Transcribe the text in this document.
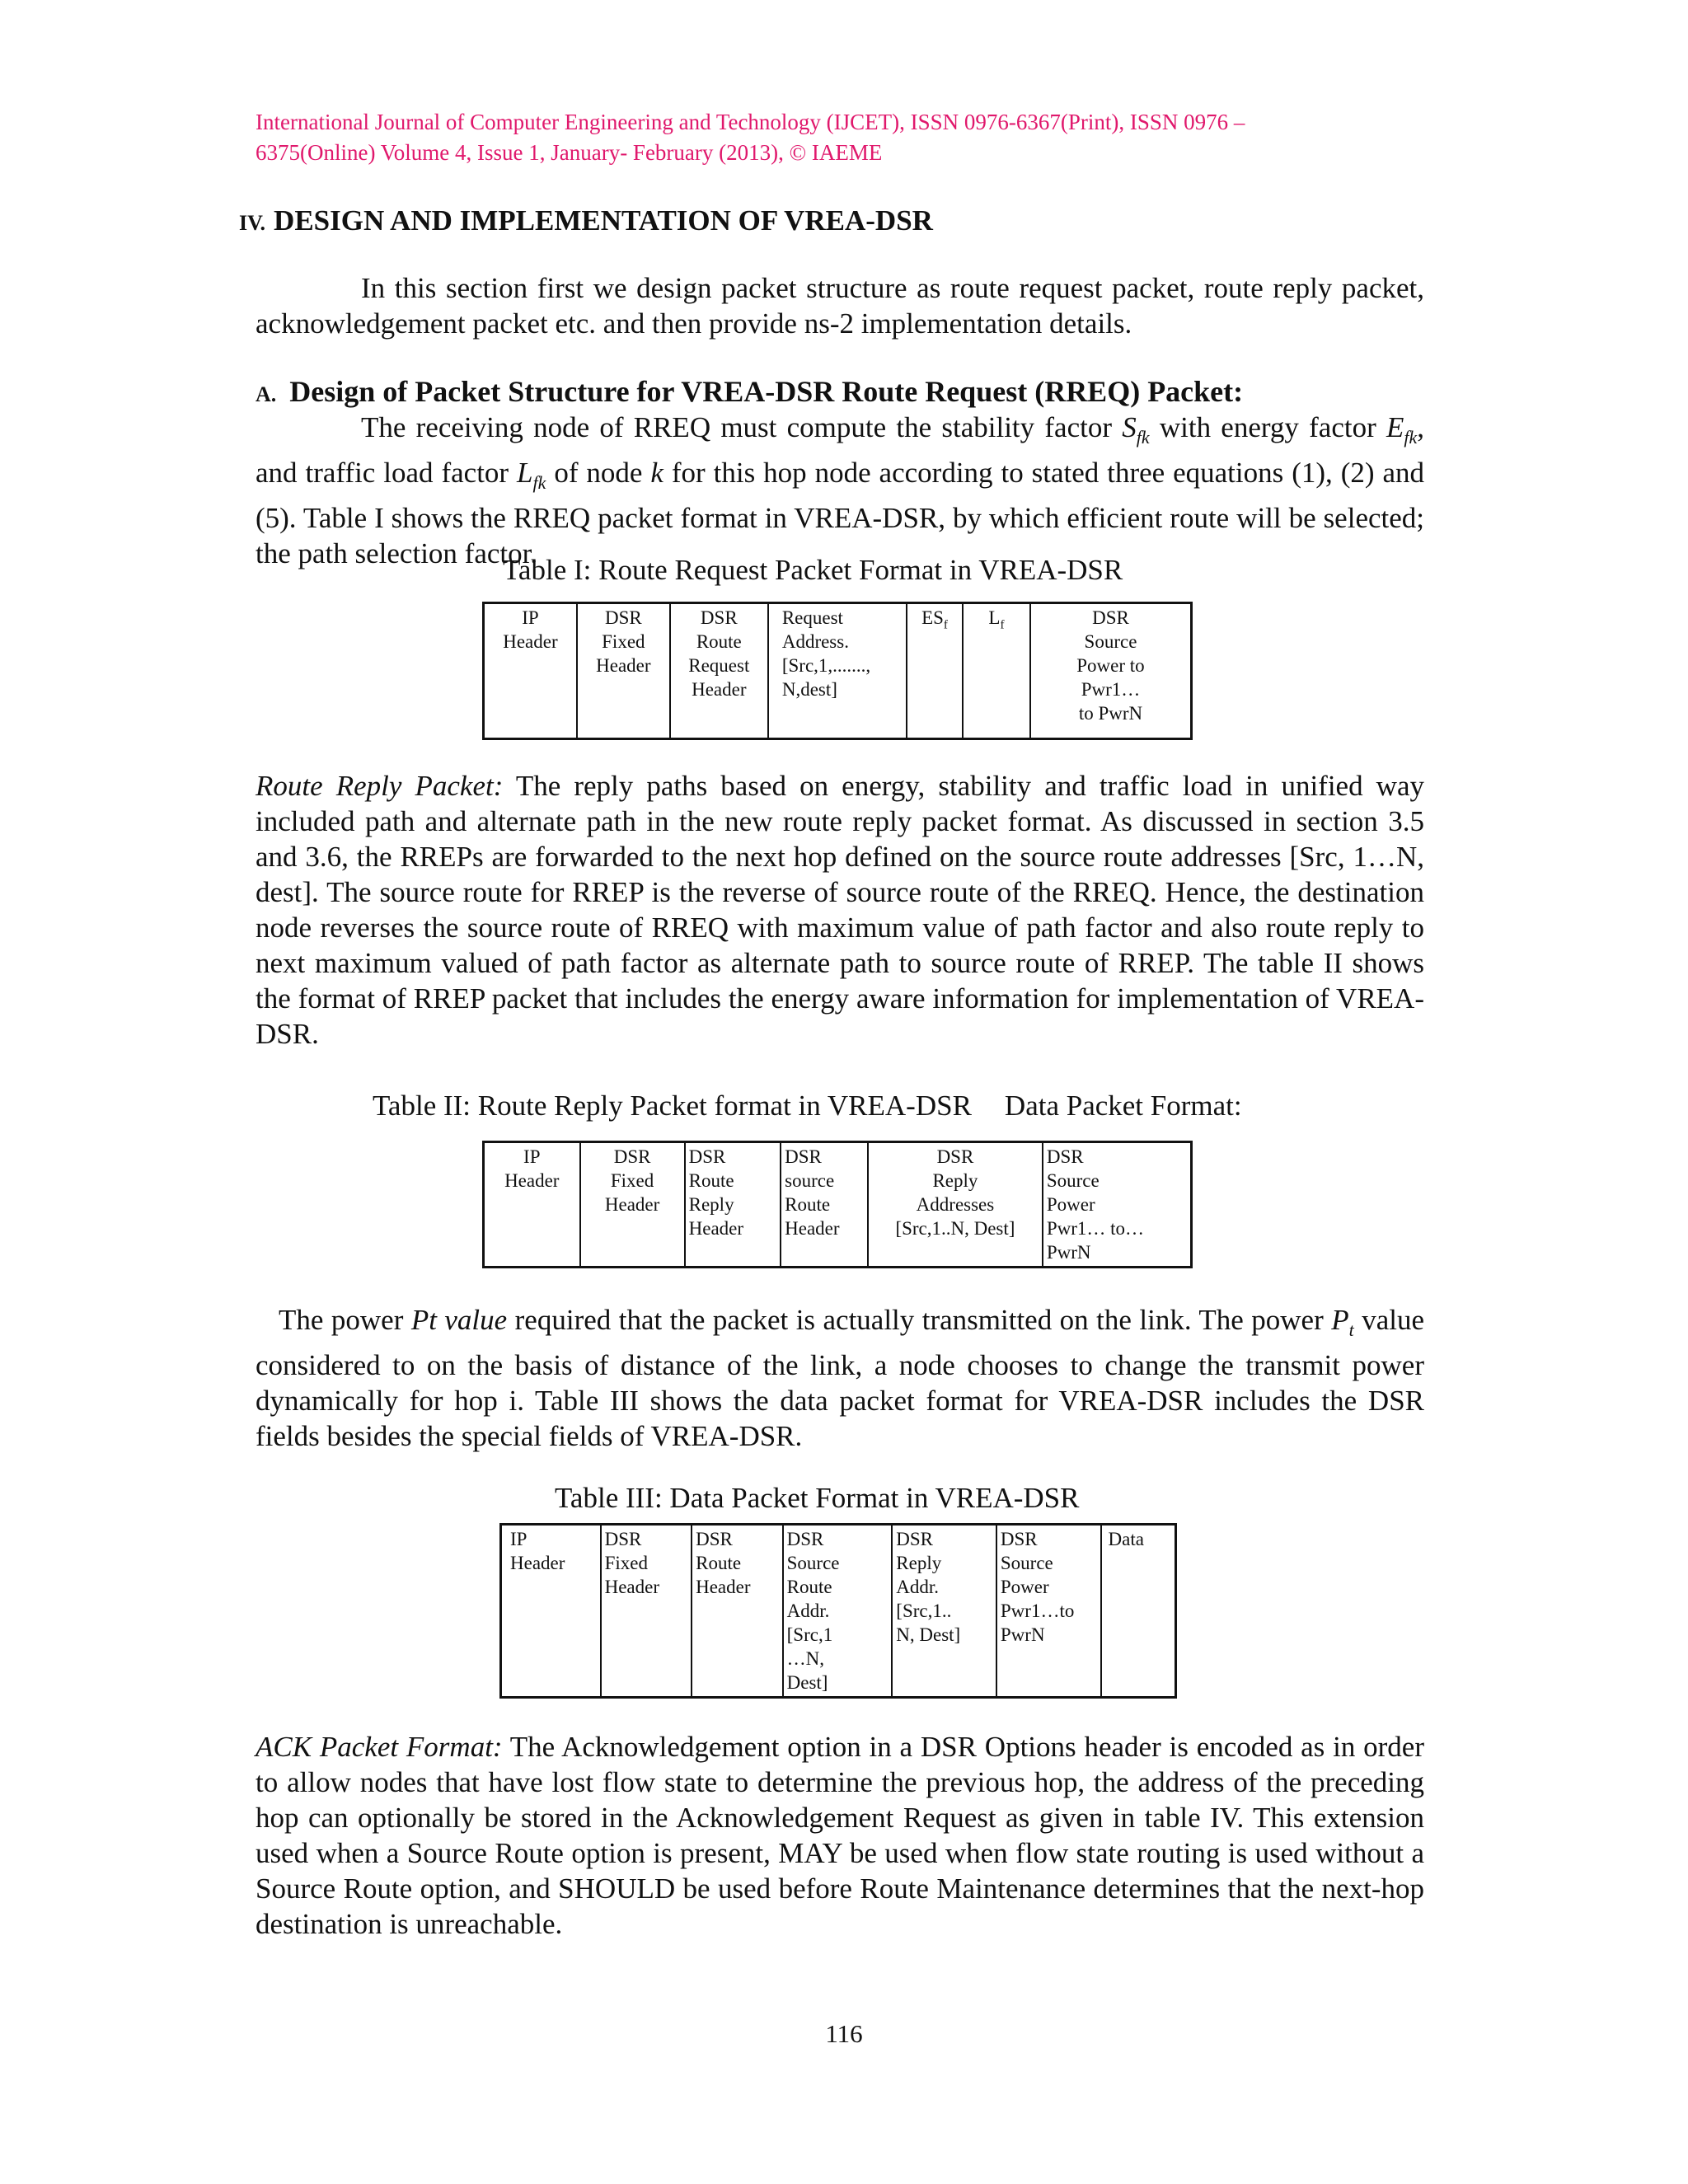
International Journal of Computer Engineering and Technology (IJCET), ISSN 0976-6367(Print), ISSN 0976 –
6375(Online) Volume 4, Issue 1, January- February (2013), © IAEME
IV. DESIGN AND IMPLEMENTATION OF VREA-DSR

In this section first we design packet structure as route request packet, route reply packet, acknowledgement packet etc. and then provide ns-2 implementation details.

A. Design of Packet Structure for VREA-DSR Route Request (RREQ) Packet:

The receiving node of RREQ must compute the stability factor $S_{fk}$ with energy factor $E_{fk}$, and traffic load factor $L_{fk}$ of node k for this hop node according to stated three equations (1), (2) and (5). Table I shows the RREQ packet format in VREA-DSR, by which efficient route will be selected; the path selection factor.

Table I: Route Request Packet Format in VREA-DSR
IP
Header	DSR
Fixed
Header	DSR
Route
Request
Header	Request
Address.
[Src,1,.......,
N,dest]	$ES_f$	$L_f$	DSR
Source
Power to
Pwr1…
to PwrN

Route Reply Packet: The reply paths based on energy, stability and traffic load in unified way included path and alternate path in the new route reply packet format. As discussed in section 3.5 and 3.6, the RREPs are forwarded to the next hop defined on the source route addresses [Src, 1…N, dest]. The source route for RREP is the reverse of source route of the RREQ. Hence, the destination node reverses the source route of RREQ with maximum value of path factor and also route reply to next maximum valued of path factor as alternate path to source route of RREP. The table II shows the format of RREP packet that includes the energy aware information for implementation of VREA-DSR.

Table II: Route Reply Packet format in VREA-DSR Data Packet Format:
IP
Header	DSR
Fixed
Header	DSR
Route
Reply
Header	DSR
source
Route
Header	DSR
Reply
Addresses
[Src,1..N, Dest]	DSR
Source
Power
Pwr1… to…
PwrN

The power Pt value required that the packet is actually transmitted on the link. The power $P_t$ value considered to on the basis of distance of the link, a node chooses to change the transmit power dynamically for hop i. Table III shows the data packet format for VREA-DSR includes the DSR fields besides the special fields of VREA-DSR.

Table III: Data Packet Format in VREA-DSR
IP
Header	DSR
Fixed
Header	DSR
Route
Header	DSR
Source
Route
Addr.
[Src,1
…N,
Dest]	DSR
Reply
Addr.
[Src,1..
N, Dest]	DSR
Source
Power
Pwr1…to
PwrN	Data

ACK Packet Format: The Acknowledgement option in a DSR Options header is encoded as in order to allow nodes that have lost flow state to determine the previous hop, the address of the preceding hop can optionally be stored in the Acknowledgement Request as given in table IV. This extension used when a Source Route option is present, MAY be used when flow state routing is used without a Source Route option, and SHOULD be used before Route Maintenance determines that the next-hop destination is unreachable.

116
